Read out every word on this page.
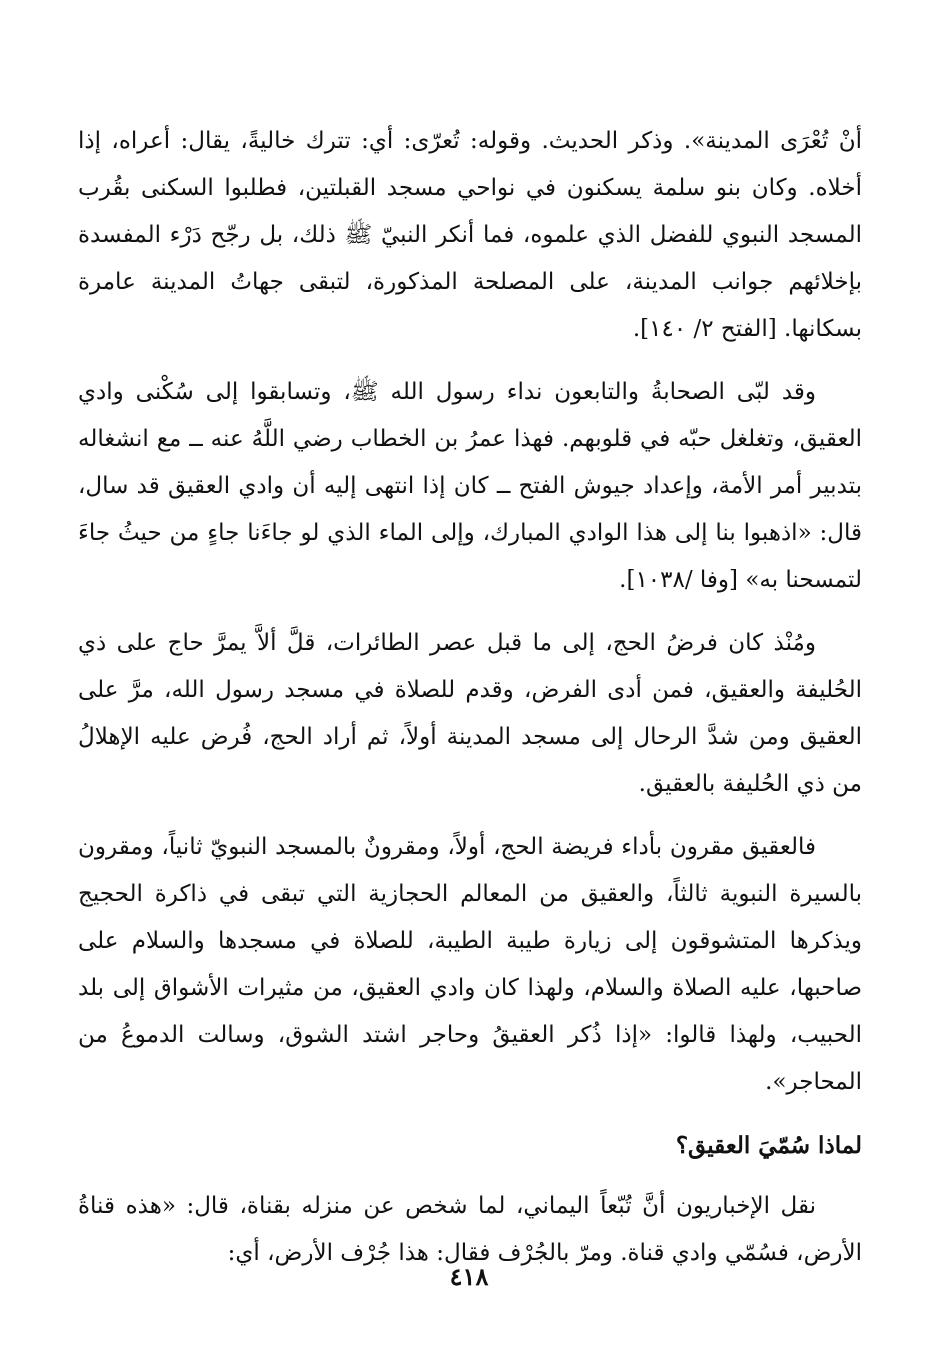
أنْ تُعْرَى المدينة». وذكر الحديث. وقوله: تُعرّى: أي: تترك خاليةً، يقال: أعراه، إذا أخلاه. وكان بنو سلمة يسكنون في نواحي مسجد القبلتين، فطلبوا السكنى بقُرب المسجد النبوي للفضل الذي علموه، فما أنكر النبيّ ﷺ ذلك، بل رجّح دَرْء المفسدة بإخلائهم جوانب المدينة، على المصلحة المذكورة، لتبقى جهاتُ المدينة عامرة بسكانها. [الفتح ٢/ ١٤٠].

وقد لبّى الصحابةُ والتابعون نداء رسول الله ﷺ، وتسابقوا إلى سُكْنى وادي العقيق، وتغلغل حبّه في قلوبهم. فهذا عمرُ بن الخطاب رضي اللَّهُ عنه ــ مع انشغاله بتدبير أمر الأمة، وإعداد جيوش الفتح ــ كان إذا انتهى إليه أن وادي العقيق قد سال، قال: «اذهبوا بنا إلى هذا الوادي المبارك، وإلى الماء الذي لو جاءَنا جاءٍ من حيثُ جاءَ لتمسحنا به» [وفا /١٠٣٨].

ومُنْذ كان فرضُ الحج، إلى ما قبل عصر الطائرات، قلَّ ألاَّ يمرَّ حاج على ذي الحُليفة والعقيق، فمن أدى الفرض، وقدم للصلاة في مسجد رسول الله، مرَّ على العقيق ومن شدَّ الرحال إلى مسجد المدينة أولاً، ثم أراد الحج، فُرض عليه الإهلالُ من ذي الحُليفة بالعقيق.

فالعقيق مقرون بأداء فريضة الحج، أولاً، ومقرونٌ بالمسجد النبويّ ثانياً، ومقرون بالسيرة النبوية ثالثاً، والعقيق من المعالم الحجازية التي تبقى في ذاكرة الحجيج ويذكرها المتشوقون إلى زيارة طيبة الطيبة، للصلاة في مسجدها والسلام على صاحبها، عليه الصلاة والسلام، ولهذا كان وادي العقيق، من مثيرات الأشواق إلى بلد الحبيب، ولهذا قالوا: «إذا ذُكر العقيقُ وحاجر اشتد الشوق، وسالت الدموعُ من المحاجر».

لماذا سُمّيَ العقيق؟

نقل الإخباريون أنَّ تُبّعاً اليماني، لما شخص عن منزله بقناة، قال: «هذه قناةُ الأرض، فسُمّي وادي قناة. ومرّ بالجُرْف فقال: هذا جُرْف الأرض، أي:

٤١٨
